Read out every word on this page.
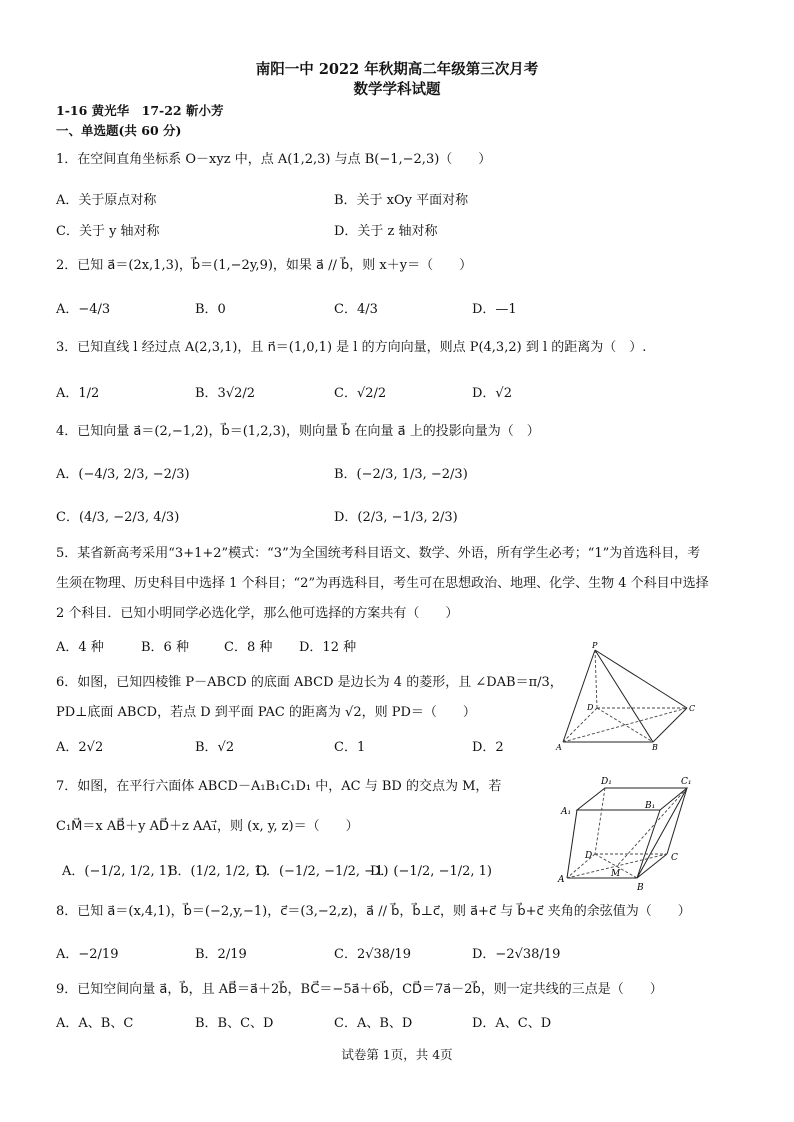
南阳一中 2022 年秋期高二年级第三次月考
数学学科试题
1-16 黄光华　17-22 靳小芳
一、单选题(共 60 分)
1．在空间直角坐标系 O－xyz 中，点 A(1,2,3) 与点 B(−1,−2,3)（　　）
A．关于原点对称	B．关于 xOy 平面对称
C．关于 y 轴对称	D．关于 z 轴对称
2．已知 a⃗＝(2x,1,3)，b⃗＝(1,−2y,9)，如果 a⃗ // b⃗，则 x＋y＝（　　）
A．−4/3	B．0	C．4/3	D．—1
3．已知直线 l 经过点 A(2,3,1)，且 n⃗＝(1,0,1) 是 l 的方向向量，则点 P(4,3,2) 到 l 的距离为（　）.
A．1/2	B．3√2/2	C．√2/2	D．√2
4．已知向量 a⃗＝(2,−1,2)，b⃗＝(1,2,3)，则向量 b⃗ 在向量 a⃗ 上的投影向量为（　）
A．(−4/3, 2/3, −2/3)	B．(−2/3, 1/3, −2/3)
C．(4/3, −2/3, 4/3)	D．(2/3, −1/3, 2/3)
5．某省新高考采用“3+1+2”模式：“3”为全国统考科目语文、数学、外语，所有学生必考；“1”为首选科目，考
生须在物理、历史科目中选择 1 个科目；“2”为再选科目，考生可在思想政治、地理、化学、生物 4 个科目中选择
2 个科目．已知小明同学必选化学，那么他可选择的方案共有（　　）
A．4 种	B．6 种	C．8 种 D．12 种
6．如图，已知四棱锥 P－ABCD 的底面 ABCD 是边长为 4 的菱形，且 ∠DAB＝π/3，
PD⊥底面 ABCD，若点 D 到平面 PAC 的距离为 √2，则 PD＝（　　）
A．2√2	B．√2	C．1	D．2
P
D	C
A	B
7．如图，在平行六面体 ABCD－A₁B₁C₁D₁ 中，AC 与 BD 的交点为 M，若
C₁M⃗＝x AB⃗＋y AD⃗＋z AA₁⃗，则 (x, y, z)＝（　　）
A．(−1/2, 1/2, 1)
B．(1/2, 1/2, 1)
C．(−1/2, −1/2, −1)
D．(−1/2, −1/2, 1)
D₁	C₁
A₁
B₁
D	C
M
A
B
8．已知 a⃗＝(x,4,1)，b⃗＝(−2,y,−1)，c⃗＝(3,−2,z)，a⃗ // b⃗，b⃗⊥c⃗，则 a⃗+c⃗ 与 b⃗+c⃗ 夹角的余弦值为（　　）
A．−2/19	B．2/19	C．2√38/19	D．−2√38/19
9．已知空间向量 a⃗，b⃗，且 AB⃗＝a⃗＋2b⃗，BC⃗＝−5a⃗＋6b⃗，CD⃗＝7a⃗－2b⃗，则一定共线的三点是（　　）
A．A、B、C	B．B、C、D	C．A、B、D	D．A、C、D
试卷第 1页，共 4页
